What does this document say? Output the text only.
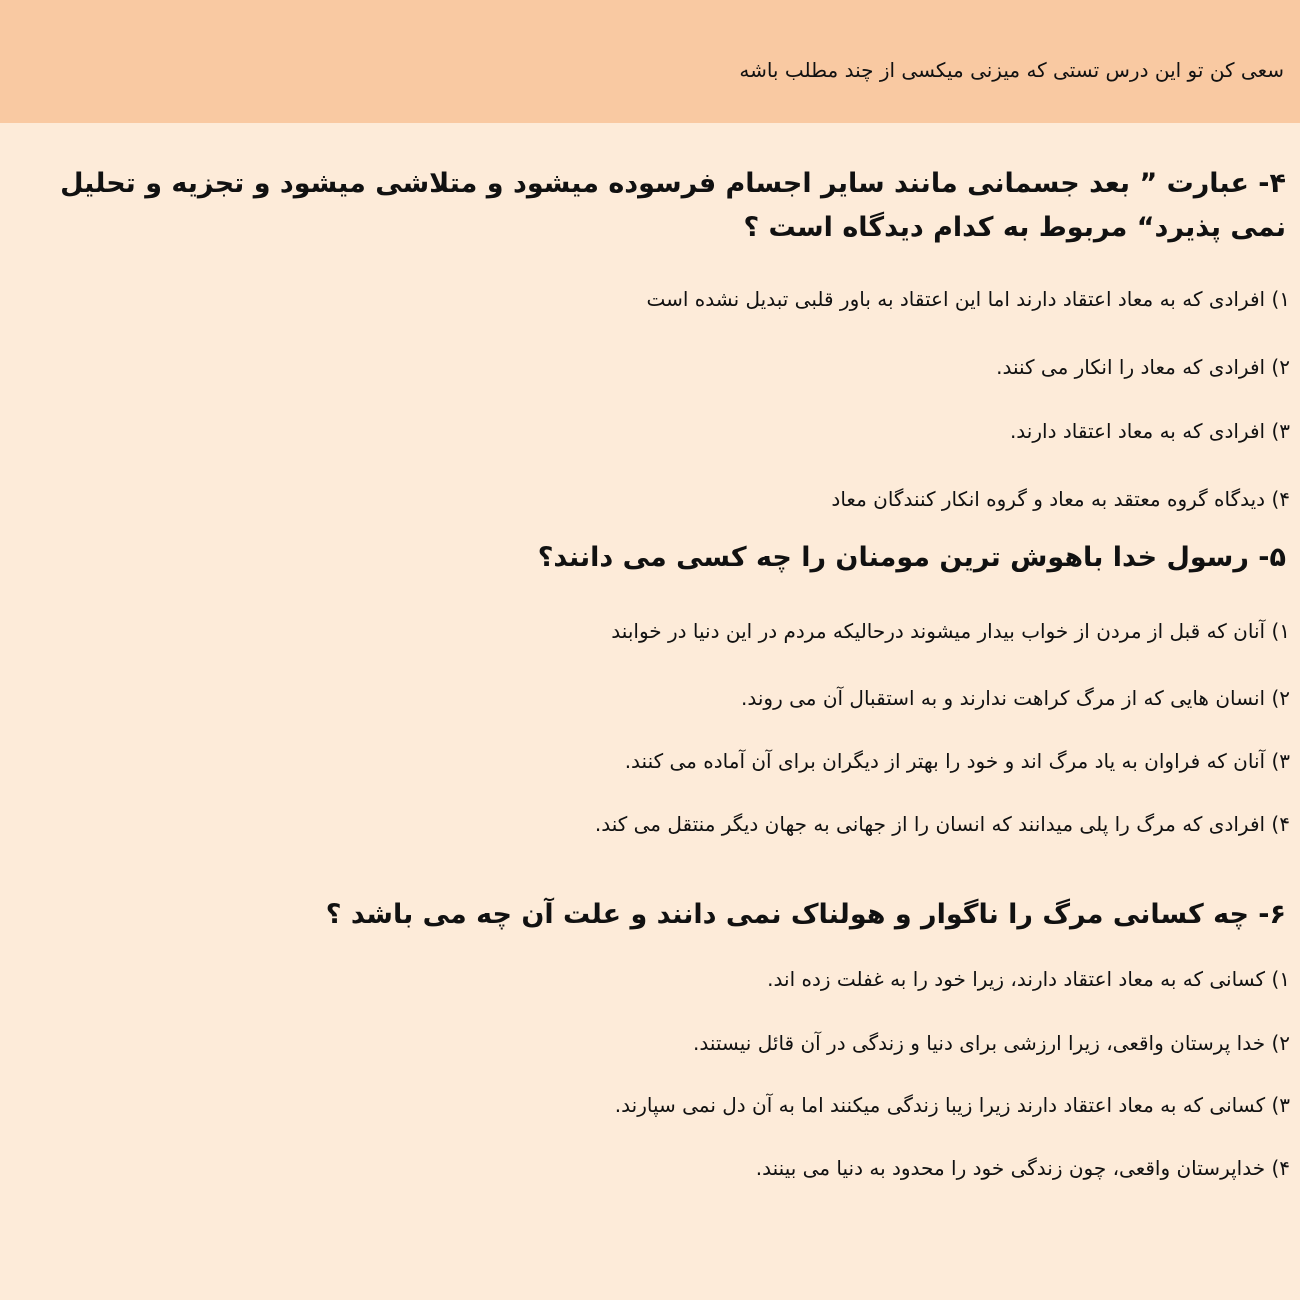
سعی کن تو این درس تستی که میزنی میکسی از چند مطلب باشه
۴- عبارت ” بعد جسمانی مانند سایر اجسام فرسوده میشود و متلاشی میشود و تجزیه و تحلیل
نمی پذیرد“ مربوط به کدام دیدگاه است ؟
۱) افرادی که به معاد اعتقاد دارند اما این اعتقاد به باور قلبی تبدیل نشده است
۲) افرادی که معاد را انکار می کنند.
۳) افرادی که به معاد اعتقاد دارند.
۴) دیدگاه گروه معتقد به معاد و گروه انکار کنندگان معاد
۵- رسول خدا باهوش ترین مومنان را چه کسی می دانند؟
۱) آنان که قبل از مردن از خواب بیدار میشوند درحالیکه مردم در این دنیا در خوابند
۲) انسان هایی که از مرگ کراهت ندارند و به استقبال آن می روند.
۳) آنان که فراوان به یاد مرگ اند و خود را بهتر از دیگران برای آن آماده می کنند.
۴) افرادی که مرگ را پلی میدانند که انسان را از جهانی به جهان دیگر منتقل می کند.
۶- چه کسانی مرگ را ناگوار و هولناک نمی دانند و علت آن چه می باشد ؟
۱) کسانی که به معاد اعتقاد دارند، زیرا خود را به غفلت زده اند.
۲) خدا پرستان واقعی، زیرا ارزشی برای دنیا و زندگی در آن قائل نیستند.
۳) کسانی که به معاد اعتقاد دارند زیرا زیبا زندگی میکنند اما به آن دل نمی سپارند.
۴) خداپرستان واقعی، چون زندگی خود را محدود به دنیا می بینند.
